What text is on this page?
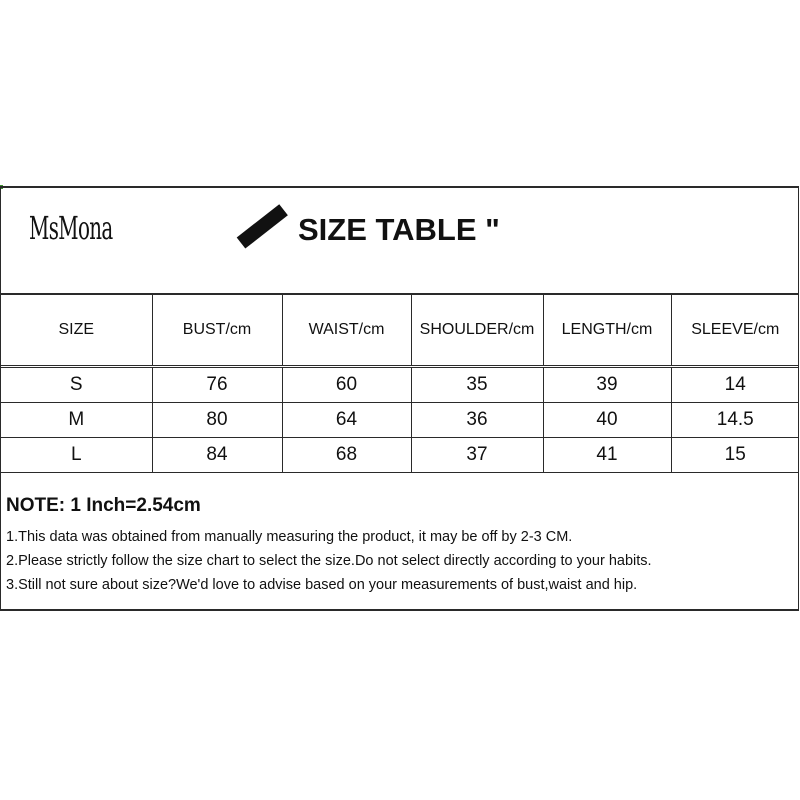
MsMona	SIZE TABLE "
SIZE	BUST/cm	WAIST/cm	SHOULDER/cm	LENGTH/cm	SLEEVE/cm
S	76	60	35	39	14
M	80	64	36	40	14.5
L	84	68	37	41	15
NOTE: 1 Inch=2.54cm
1.This data was obtained from manually measuring the product, it may be off by 2-3 CM.
2.Please strictly follow the size chart to select the size.Do not select directly according to your habits.
3.Still not sure about size?We'd love to advise based on your measurements of bust,waist and hip.
